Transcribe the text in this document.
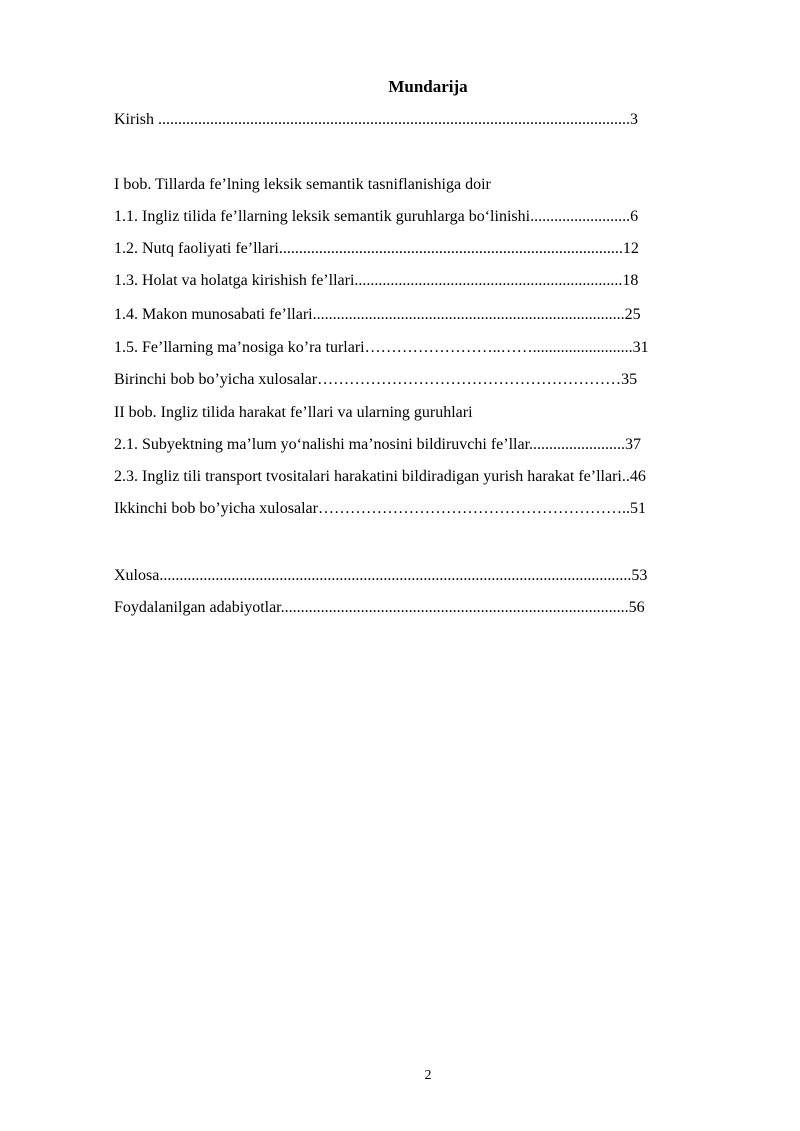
Mundarija
Kirish ......................................................................................................................3
I bob. Tillarda fe’lning leksik semantik tasniflanishiga doir
1.1. Ingliz tilida fe’llarning leksik semantik guruhlarga bo‘linishi.........................6
1.2. Nutq faoliyati fe’llari......................................................................................12
1.3. Holat va holatga kirishish fe’llari...................................................................18
1.4. Makon munosabati fe’llari..............................................................................25
1.5. Fe’llarning ma’nosiga ko’ra turlari……………………..…….........................31
Birinchi bob bo’yicha xulosalar…………………………………………………35
II bob. Ingliz tilida harakat fe’llari va ularning guruhlari
2.1. Subyektning ma’lum yo‘nalishi ma’nosini bildiruvchi fe’llar........................37
2.3. Ingliz tili transport tvositalari harakatini bildiradigan yurish harakat fe’llari..46
Ikkinchi bob bo’yicha xulosalar…………………………………………………..51
Xulosa......................................................................................................................53
Foydalanilgan adabiyotlar.......................................................................................56
2
